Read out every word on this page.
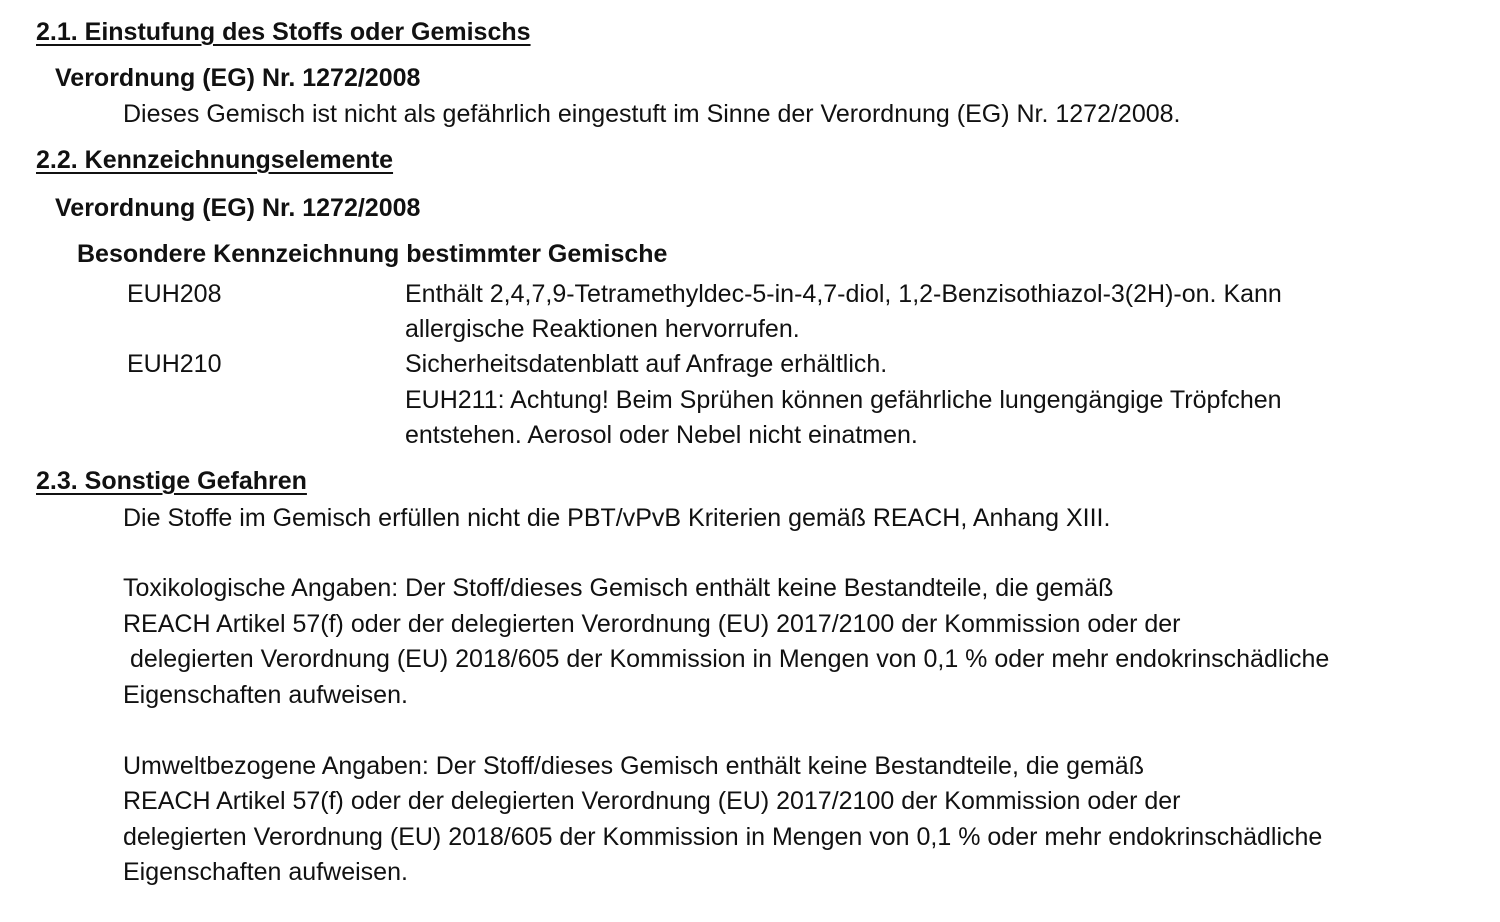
2.1. Einstufung des Stoffs oder Gemischs
Verordnung (EG) Nr. 1272/2008
Dieses Gemisch ist nicht als gefährlich eingestuft im Sinne der Verordnung (EG) Nr. 1272/2008.
2.2. Kennzeichnungselemente
Verordnung (EG) Nr. 1272/2008
Besondere Kennzeichnung bestimmter Gemische
EUH208	Enthält 2,4,7,9-Tetramethyldec-5-in-4,7-diol, 1,2-Benzisothiazol-3(2H)-on. Kann
allergische Reaktionen hervorrufen.
EUH210	Sicherheitsdatenblatt auf Anfrage erhältlich.
EUH211: Achtung! Beim Sprühen können gefährliche lungengängige Tröpfchen
entstehen. Aerosol oder Nebel nicht einatmen.
2.3. Sonstige Gefahren
Die Stoffe im Gemisch erfüllen nicht die PBT/vPvB Kriterien gemäß REACH, Anhang XIII.
Toxikologische Angaben: Der Stoff/dieses Gemisch enthält keine Bestandteile, die gemäß
REACH Artikel 57(f) oder der delegierten Verordnung (EU) 2017/2100 der Kommission oder der
delegierten Verordnung (EU) 2018/605 der Kommission in Mengen von 0,1 % oder mehr endokrinschädliche
Eigenschaften aufweisen.
Umweltbezogene Angaben: Der Stoff/dieses Gemisch enthält keine Bestandteile, die gemäß
REACH Artikel 57(f) oder der delegierten Verordnung (EU) 2017/2100 der Kommission oder der
delegierten Verordnung (EU) 2018/605 der Kommission in Mengen von 0,1 % oder mehr endokrinschädliche
Eigenschaften aufweisen.
